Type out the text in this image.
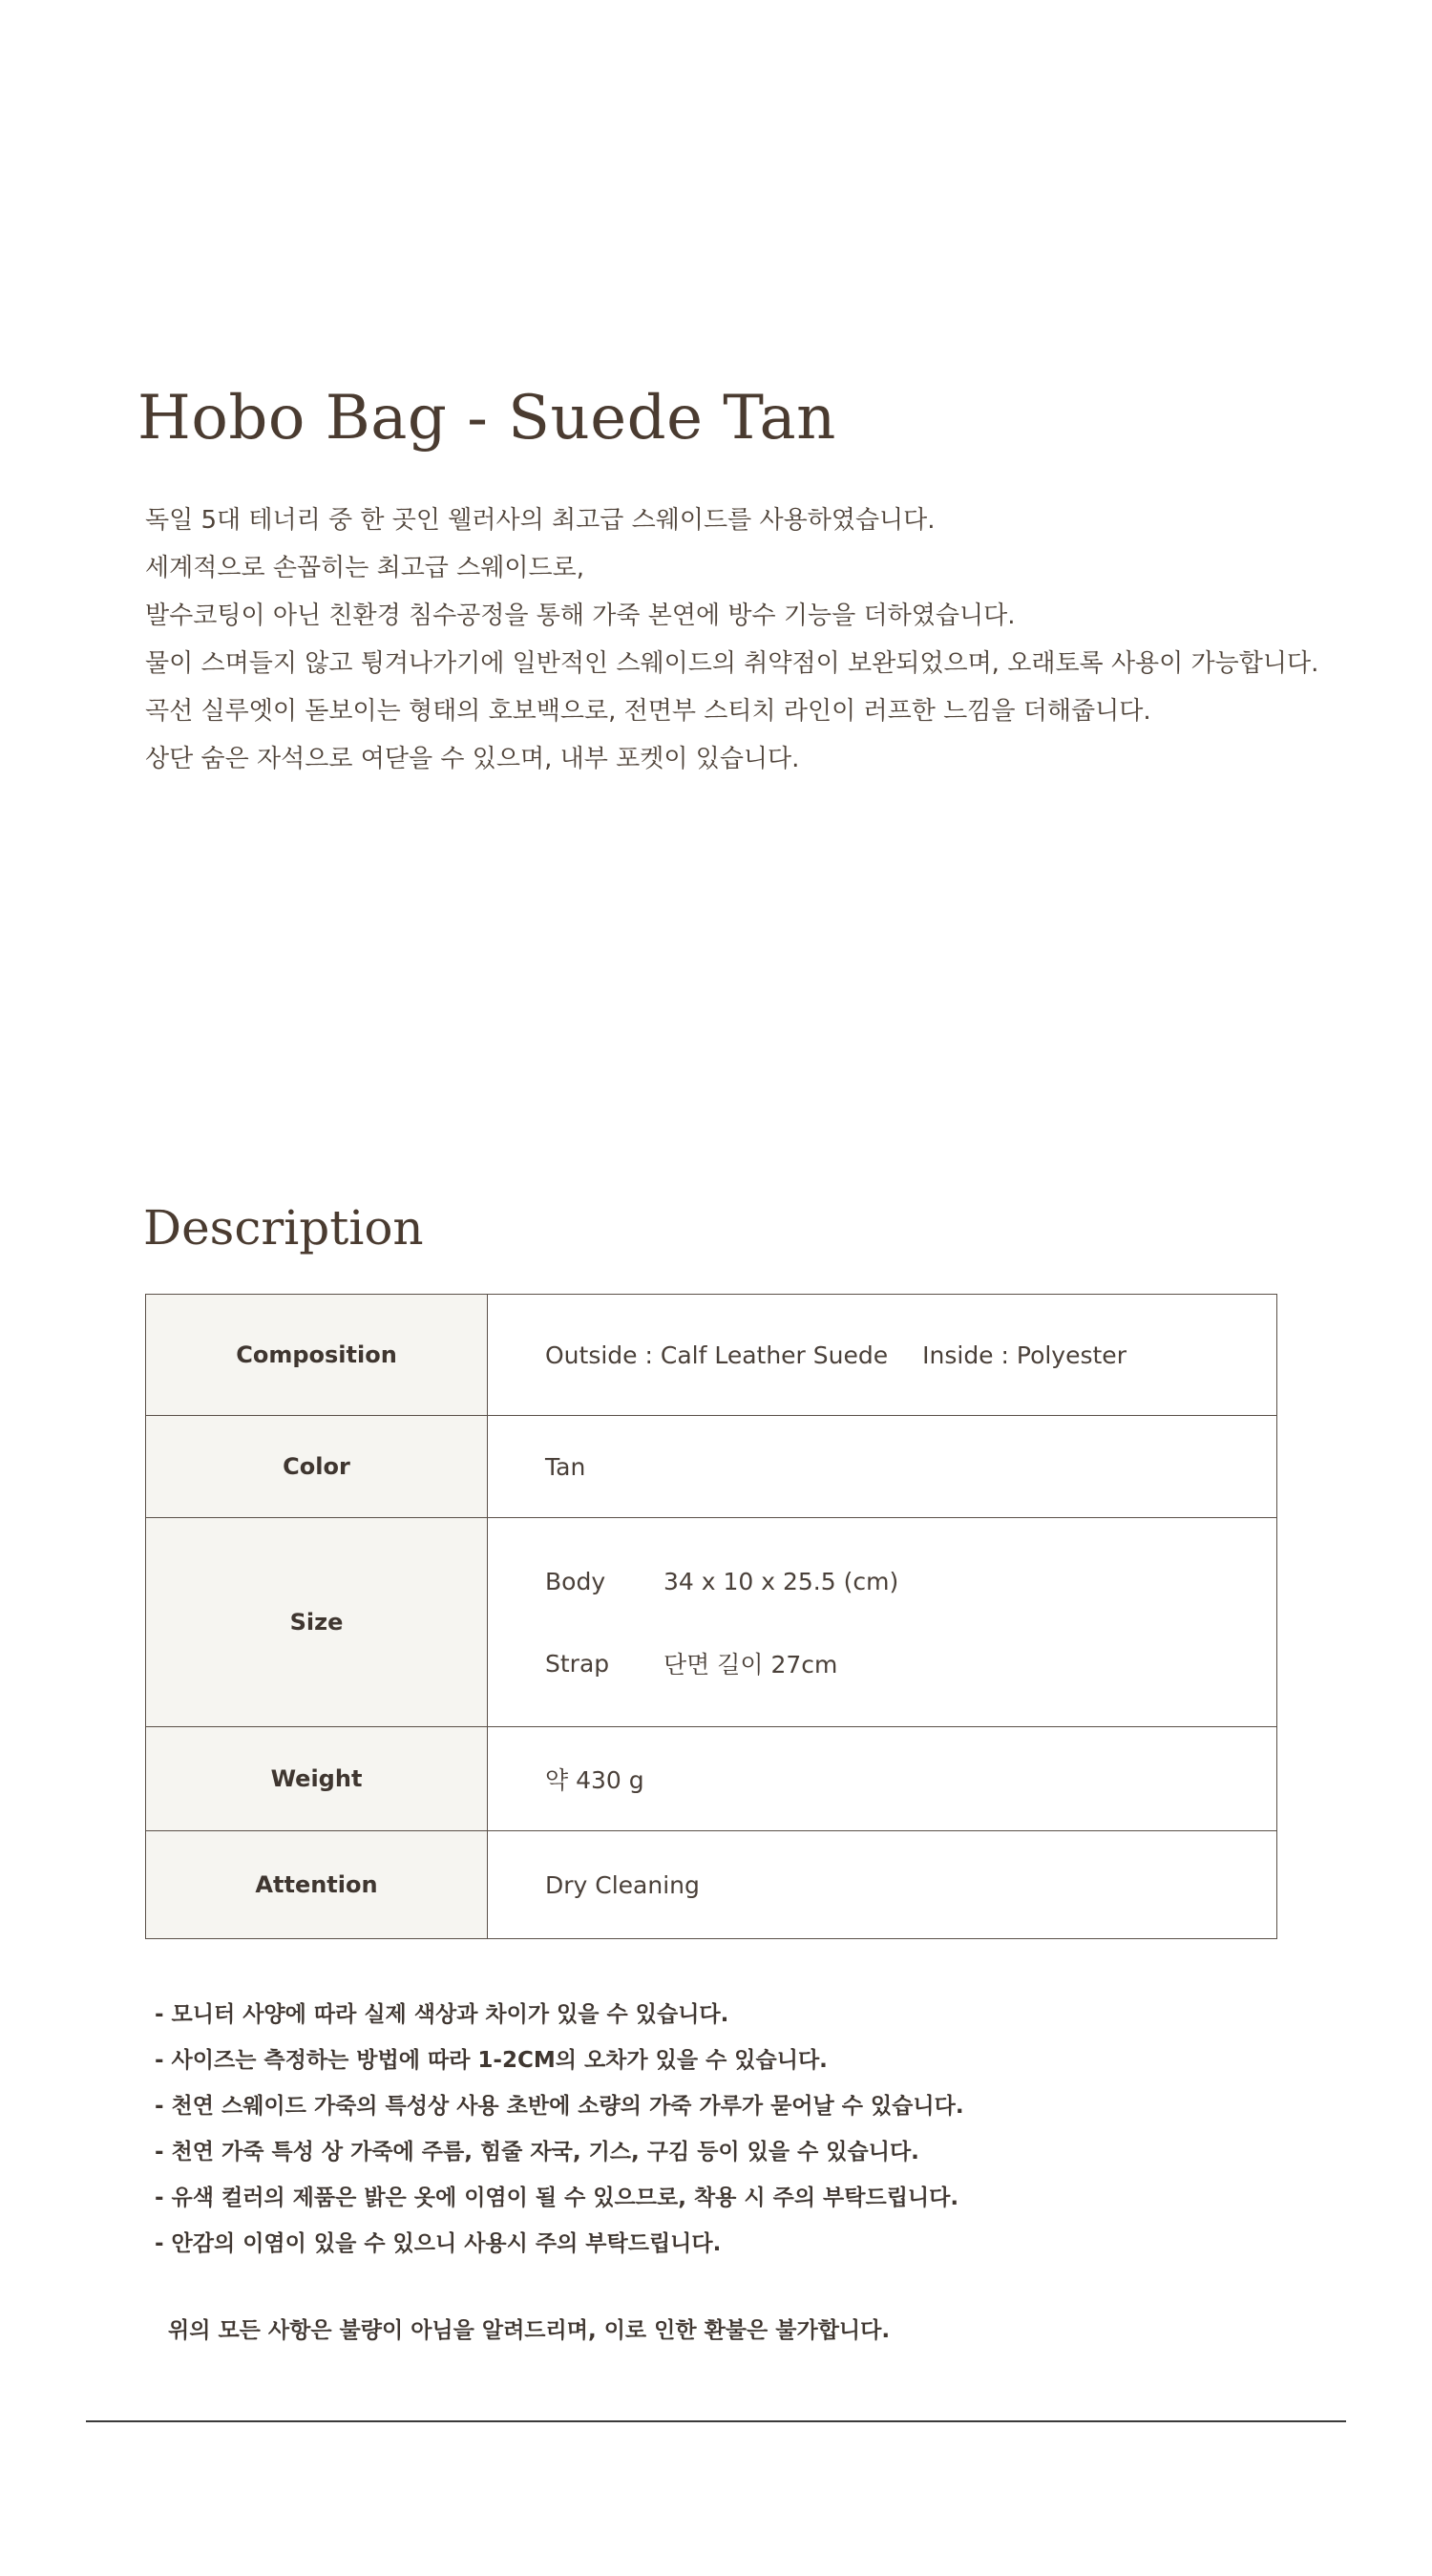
Hobo Bag - Suede Tan
독일 5대 테너리 중 한 곳인 웰러사의 최고급 스웨이드를 사용하였습니다.
세계적으로 손꼽히는 최고급 스웨이드로,
발수코팅이 아닌 친환경 침수공정을 통해 가죽 본연에 방수 기능을 더하였습니다.
물이 스며들지 않고 튕겨나가기에 일반적인 스웨이드의 취약점이 보완되었으며, 오래토록 사용이 가능합니다.
곡선 실루엣이 돋보이는 형태의 호보백으로, 전면부 스티치 라인이 러프한 느낌을 더해줍니다.
상단 숨은 자석으로 여닫을 수 있으며, 내부 포켓이 있습니다.
Description
Composition	Outside : Calf Leather Suede Inside : Polyester
Color	Tan
Size	Body 34 x 10 x 25.5 (cm)
Strap 단면 길이 27cm

Weight	약 430 g
Attention	Dry Cleaning
- 모니터 사양에 따라 실제 색상과 차이가 있을 수 있습니다.
- 사이즈는 측정하는 방법에 따라 1-2CM의 오차가 있을 수 있습니다.
- 천연 스웨이드 가죽의 특성상 사용 초반에 소량의 가죽 가루가 묻어날 수 있습니다.
- 천연 가죽 특성 상 가죽에 주름, 힘줄 자국, 기스, 구김 등이 있을 수 있습니다.
- 유색 컬러의 제품은 밝은 옷에 이염이 될 수 있으므로, 착용 시 주의 부탁드립니다.
- 안감의 이염이 있을 수 있으니 사용시 주의 부탁드립니다.
위의 모든 사항은 불량이 아님을 알려드리며, 이로 인한 환불은 불가합니다.
